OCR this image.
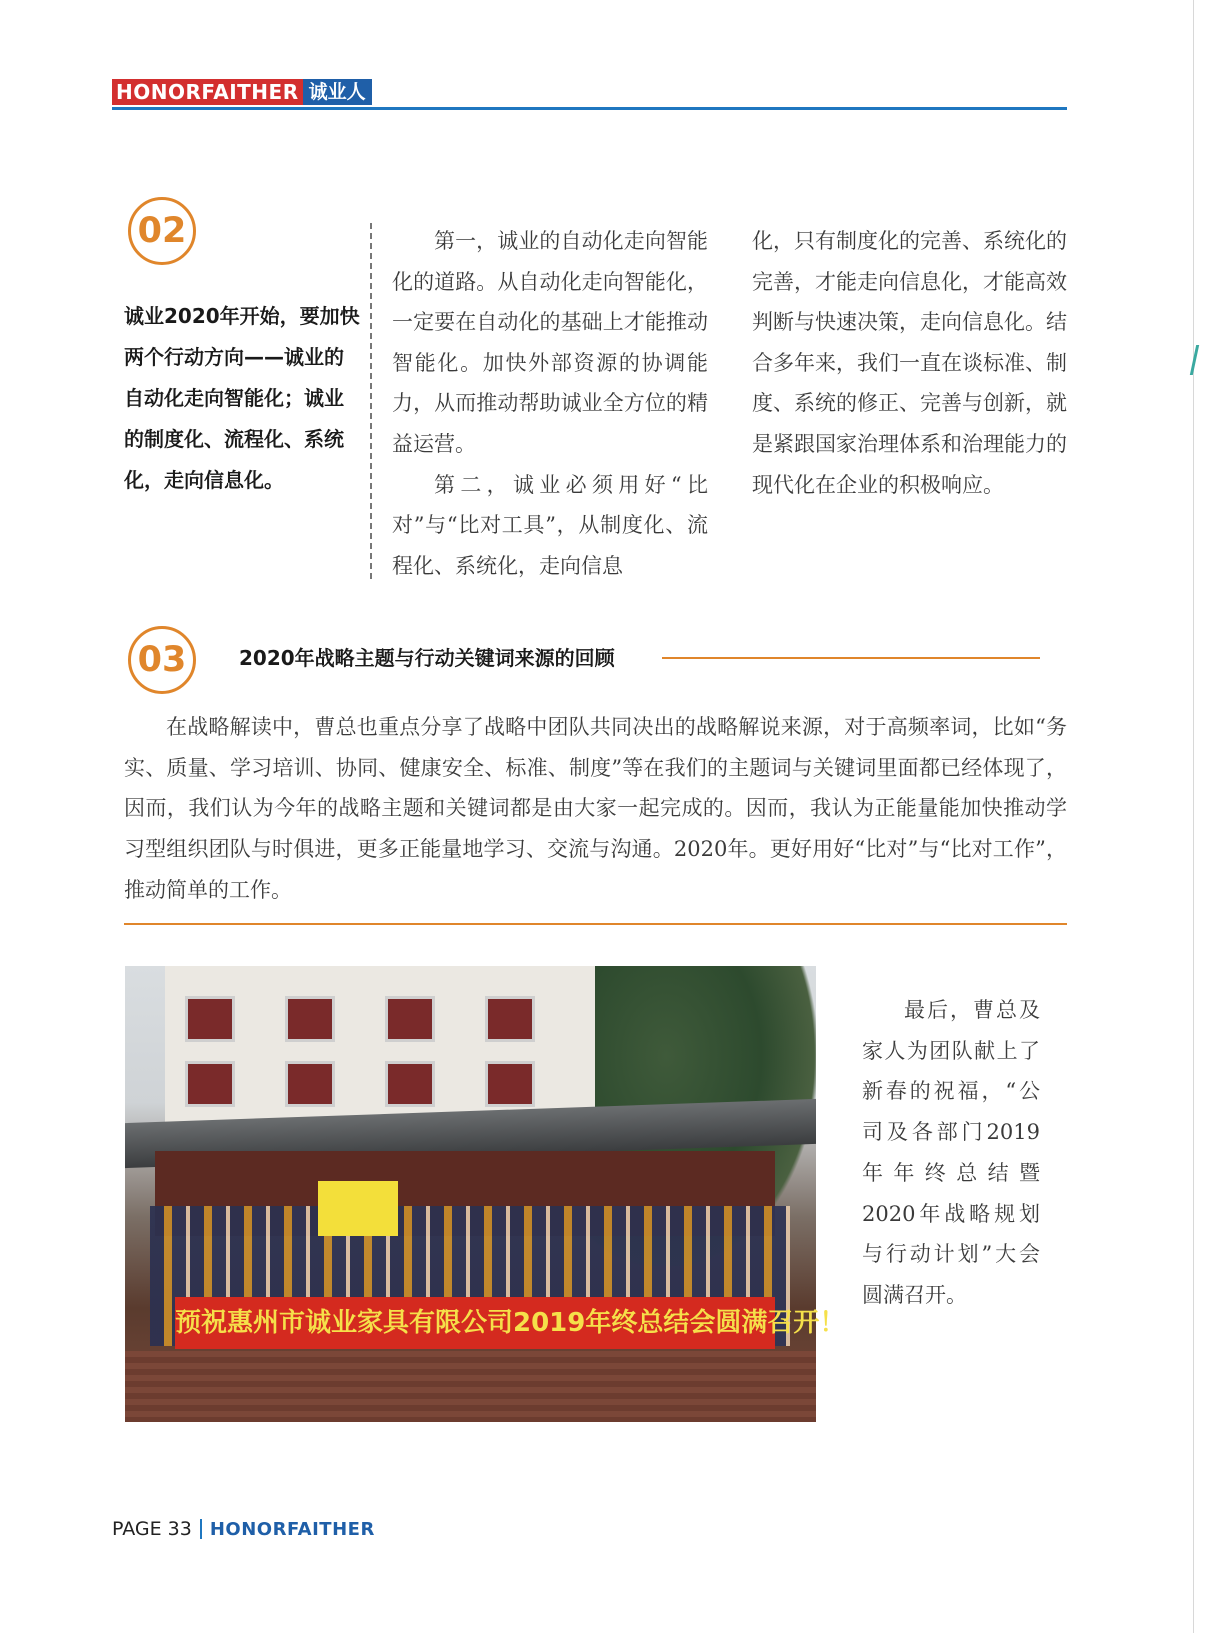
HONORFAITHER 诚业人
02

诚业2020年开始，要加快两个行动方向——诚业的自动化走向智能化；诚业的制度化、流程化、系统化，走向信息化。

第一，诚业的自动化走向智能化的道路。从自动化走向智能化，一定要在自动化的基础上才能推动智能化。加快外部资源的协调能力，从而推动帮助诚业全方位的精益运营。

第二，诚业必须用好“比对”与“比对工具”，从制度化、流程化、系统化，走向信息

化，只有制度化的完善、系统化的完善，才能走向信息化，才能高效判断与快速决策，走向信息化。结合多年来，我们一直在谈标准、制度、系统的修正、完善与创新，就是紧跟国家治理体系和治理能力的现代化在企业的积极响应。

03	2020年战略主题与行动关键词来源的回顾

在战略解读中，曹总也重点分享了战略中团队共同决出的战略解说来源，对于高频率词，比如“务实、质量、学习培训、协同、健康安全、标准、制度”等在我们的主题词与关键词里面都已经体现了，因而，我们认为今年的战略主题和关键词都是由大家一起完成的。因而，我认为正能量能加快推动学习型组织团队与时俱进，更多正能量地学习、交流与沟通。2020年。更好用好“比对”与“比对工作”，推动简单的工作。

预祝惠州市诚业家具有限公司2019年终总结会圆满召开！

最后，曹总及家人为团队献上了新春的祝福，“公司及各部门2019年年终总结暨2020年战略规划与行动计划”大会圆满召开。

PAGE 33 HONORFAITHER
